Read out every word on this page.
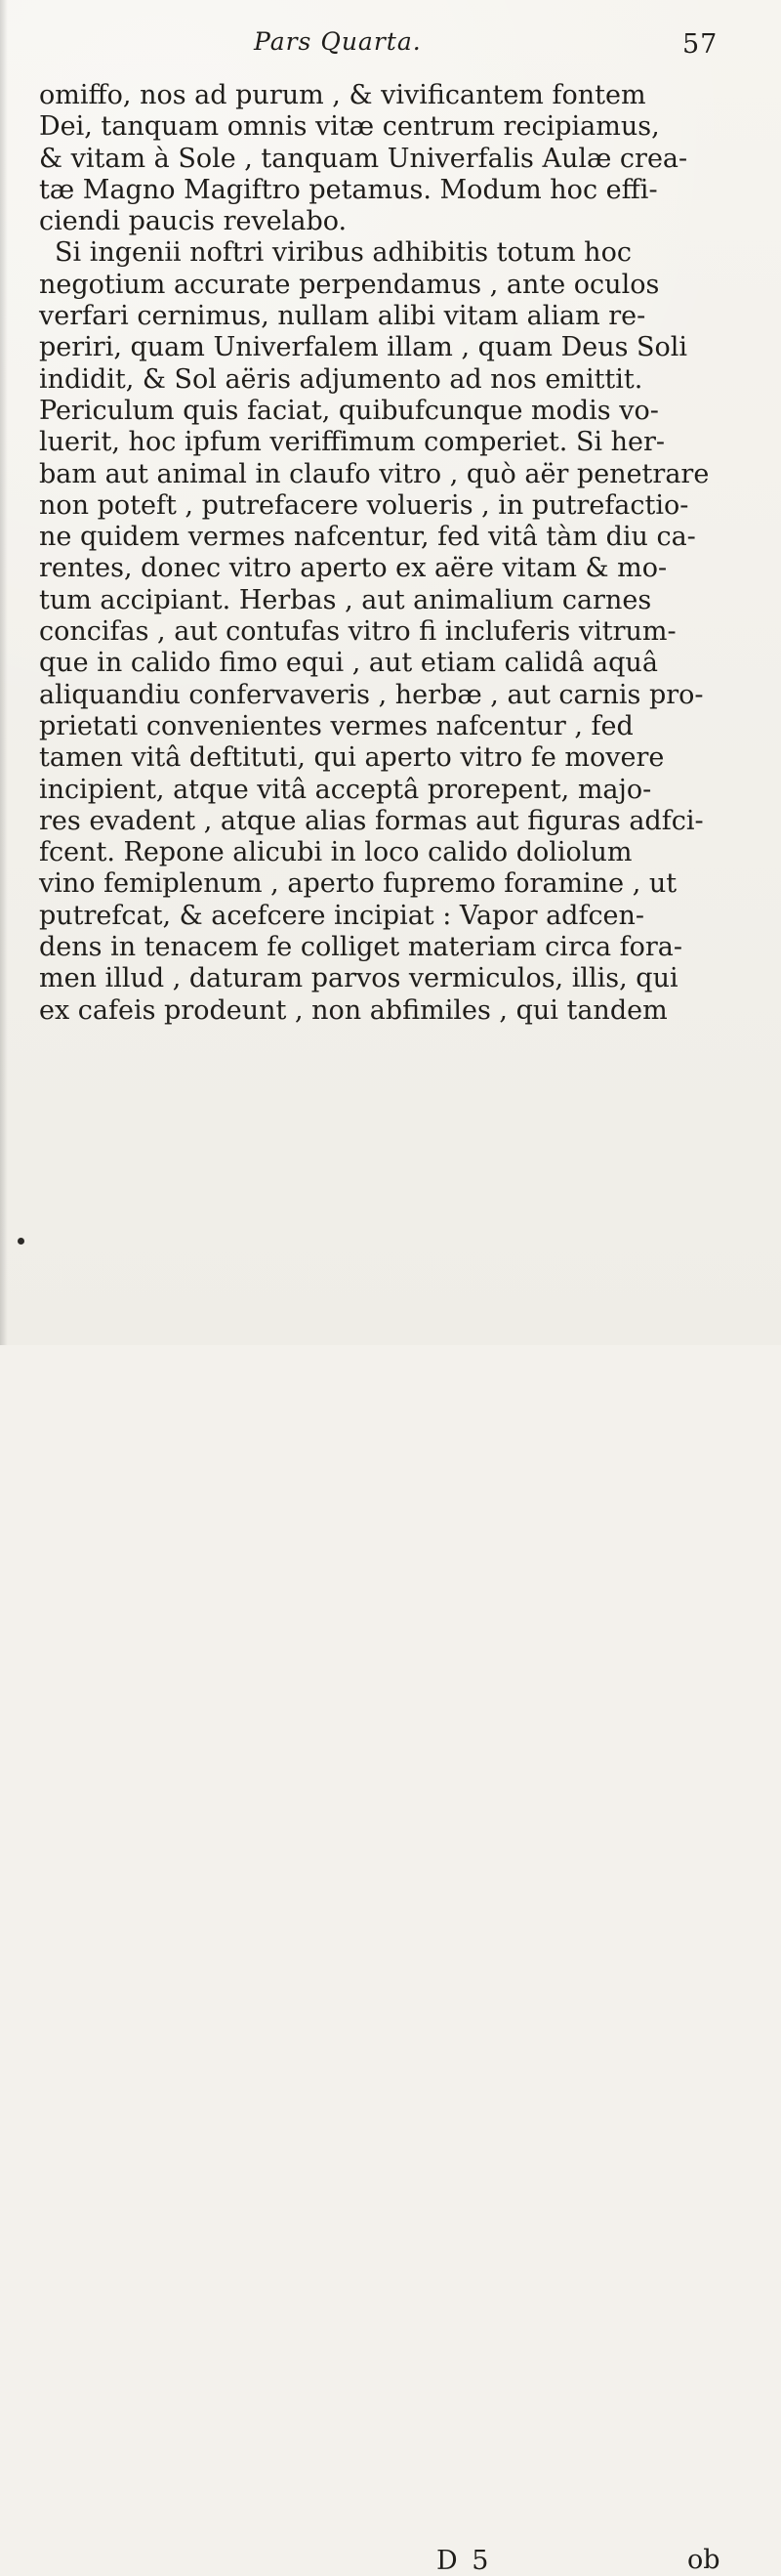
Pars Quarta.	57
omiffo, nos ad purum , & vivificantem fontem
Dei, tanquam omnis vitæ centrum recipiamus,
& vitam à Sole , tanquam Univerfalis Aulæ crea-
tæ Magno Magiftro petamus. Modum hoc effi-
ciendi paucis revelabo.
Si ingenii noftri viribus adhibitis totum hoc
negotium accurate perpendamus , ante oculos
verfari cernimus, nullam alibi vitam aliam re-
periri, quam Univerfalem illam , quam Deus Soli
indidit, & Sol aëris adjumento ad nos emittit.
Periculum quis faciat, quibufcunque modis vo-
luerit, hoc ipfum veriffimum comperiet. Si her-
bam aut animal in claufo vitro , quò aër penetrare
non poteft , putrefacere volueris , in putrefactio-
ne quidem vermes nafcentur, fed vitâ tàm diu ca-
rentes, donec vitro aperto ex aëre vitam & mo-
tum accipiant. Herbas , aut animalium carnes
concifas , aut contufas vitro fi incluferis vitrum-
que in calido fimo equi , aut etiam calidâ aquâ
aliquandiu confervaveris , herbæ , aut carnis pro-
prietati convenientes vermes nafcentur , fed
tamen vitâ deftituti, qui aperto vitro fe movere
incipient, atque vitâ acceptâ prorepent, majo-
res evadent , atque alias formas aut figuras adfci-
fcent. Repone alicubi in loco calido doliolum
vino femiplenum , aperto fupremo foramine , ut
putrefcat, & acefcere incipiat : Vapor adfcen-
dens in tenacem fe colliget materiam circa fora-
men illud , daturam parvos vermiculos, illis, qui
ex cafeis prodeunt , non abfimiles , qui tandem
D 5	ob
